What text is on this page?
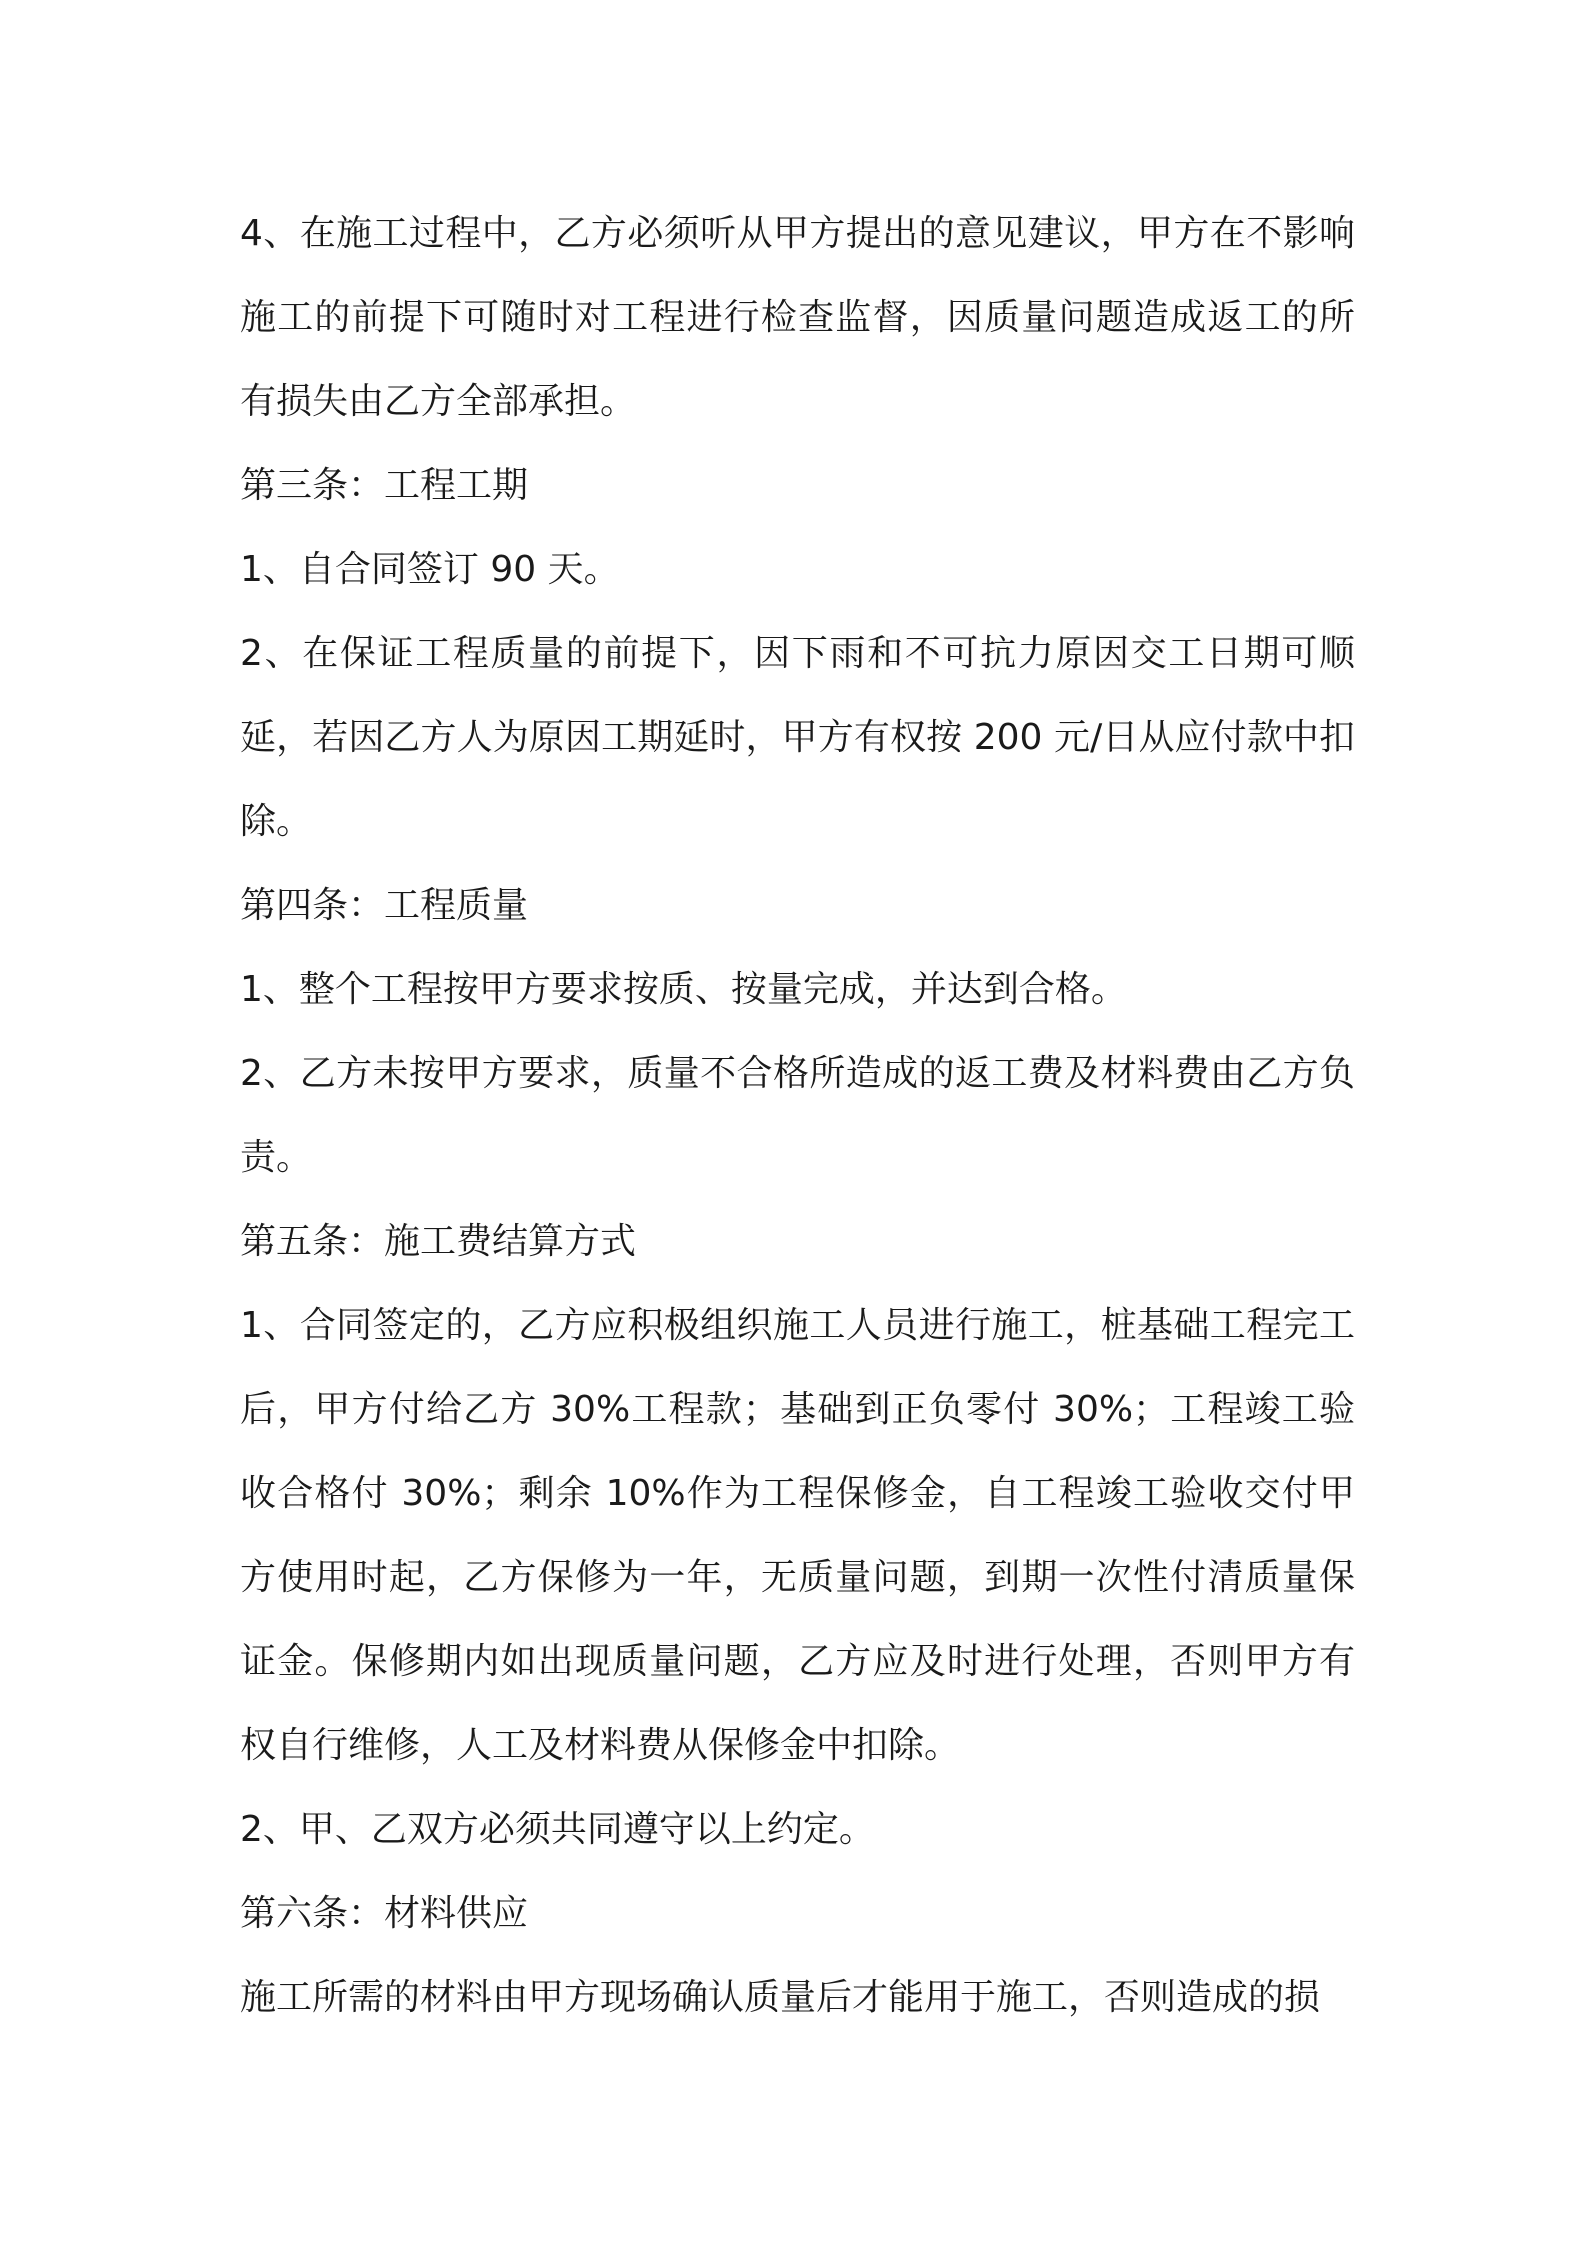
4、在施工过程中，乙方必须听从甲方提出的意见建议，甲方在不影响施工的前提下可随时对工程进行检查监督，因质量问题造成返工的所有损失由乙方全部承担。

第三条：工程工期

1、自合同签订 90 天。

2、在保证工程质量的前提下，因下雨和不可抗力原因交工日期可顺延，若因乙方人为原因工期延时，甲方有权按 200 元/日从应付款中扣除。

第四条：工程质量

1、整个工程按甲方要求按质、按量完成，并达到合格。

2、乙方未按甲方要求，质量不合格所造成的返工费及材料费由乙方负责。

第五条：施工费结算方式

1、合同签定的，乙方应积极组织施工人员进行施工，桩基础工程完工后，甲方付给乙方 30%工程款；基础到正负零付 30%；工程竣工验收合格付 30%；剩余 10%作为工程保修金，自工程竣工验收交付甲方使用时起，乙方保修为一年，无质量问题，到期一次性付清质量保证金。保修期内如出现质量问题，乙方应及时进行处理，否则甲方有权自行维修，人工及材料费从保修金中扣除。

2、甲、乙双方必须共同遵守以上约定。

第六条：材料供应

施工所需的材料由甲方现场确认质量后才能用于施工，否则造成的损
